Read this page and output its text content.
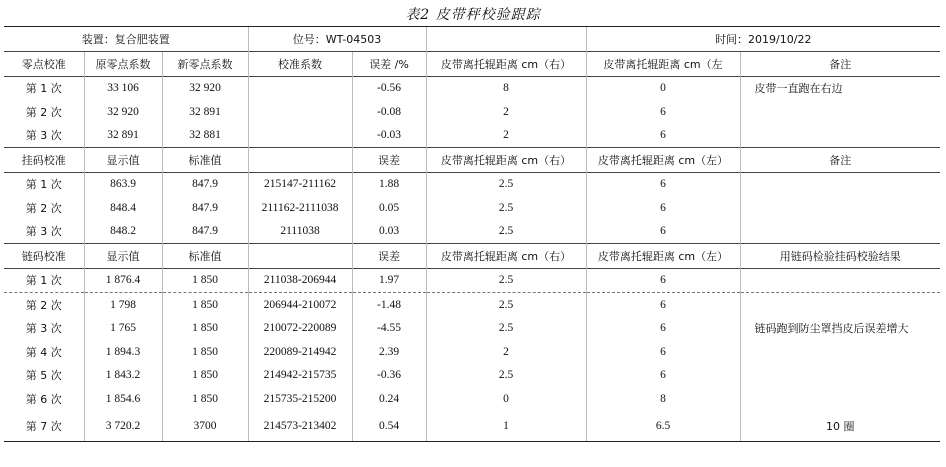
表2 皮带秤校验跟踪
装置：复合肥装置			位号：WT-04503			时间：2019/10/22	
零点校准	原零点系数	新零点系数	校准系数	误差 /%	皮带离托辊距离 cm（右）	皮带离托辊距离 cm（左	备注
第 1 次	33 106	32 920		-0.56	8	0	皮带一直跑在右边
第 2 次	32 920	32 891		-0.08	2	6	
第 3 次	32 891	32 881		-0.03	2	6	
挂码校准	显示值	标准值		误差	皮带离托辊距离 cm（右）	皮带离托辊距离 cm（左）	备注
第 1 次	863.9	847.9	215147-211162	1.88	2.5	6	
第 2 次	848.4	847.9	211162-2111038	0.05	2.5	6	
第 3 次	848.2	847.9	2111038	0.03	2.5	6	
链码校准	显示值	标准值		误差	皮带离托辊距离 cm（右）	皮带离托辊距离 cm（左）	用链码检验挂码校验结果
第 1 次	1 876.4	1 850	211038-206944	1.97	2.5	6	
第 2 次	1 798	1 850	206944-210072	-1.48	2.5	6	
第 3 次	1 765	1 850	210072-220089	-4.55	2.5	6	链码跑到防尘罩挡皮后误差增大
第 4 次	1 894.3	1 850	220089-214942	2.39	2	6	
第 5 次	1 843.2	1 850	214942-215735	-0.36	2.5	6	
第 6 次	1 854.6	1 850	215735-215200	0.24	0	8	
第 7 次	3 720.2	3700	214573-213402	0.54	1	6.5	10 圈
